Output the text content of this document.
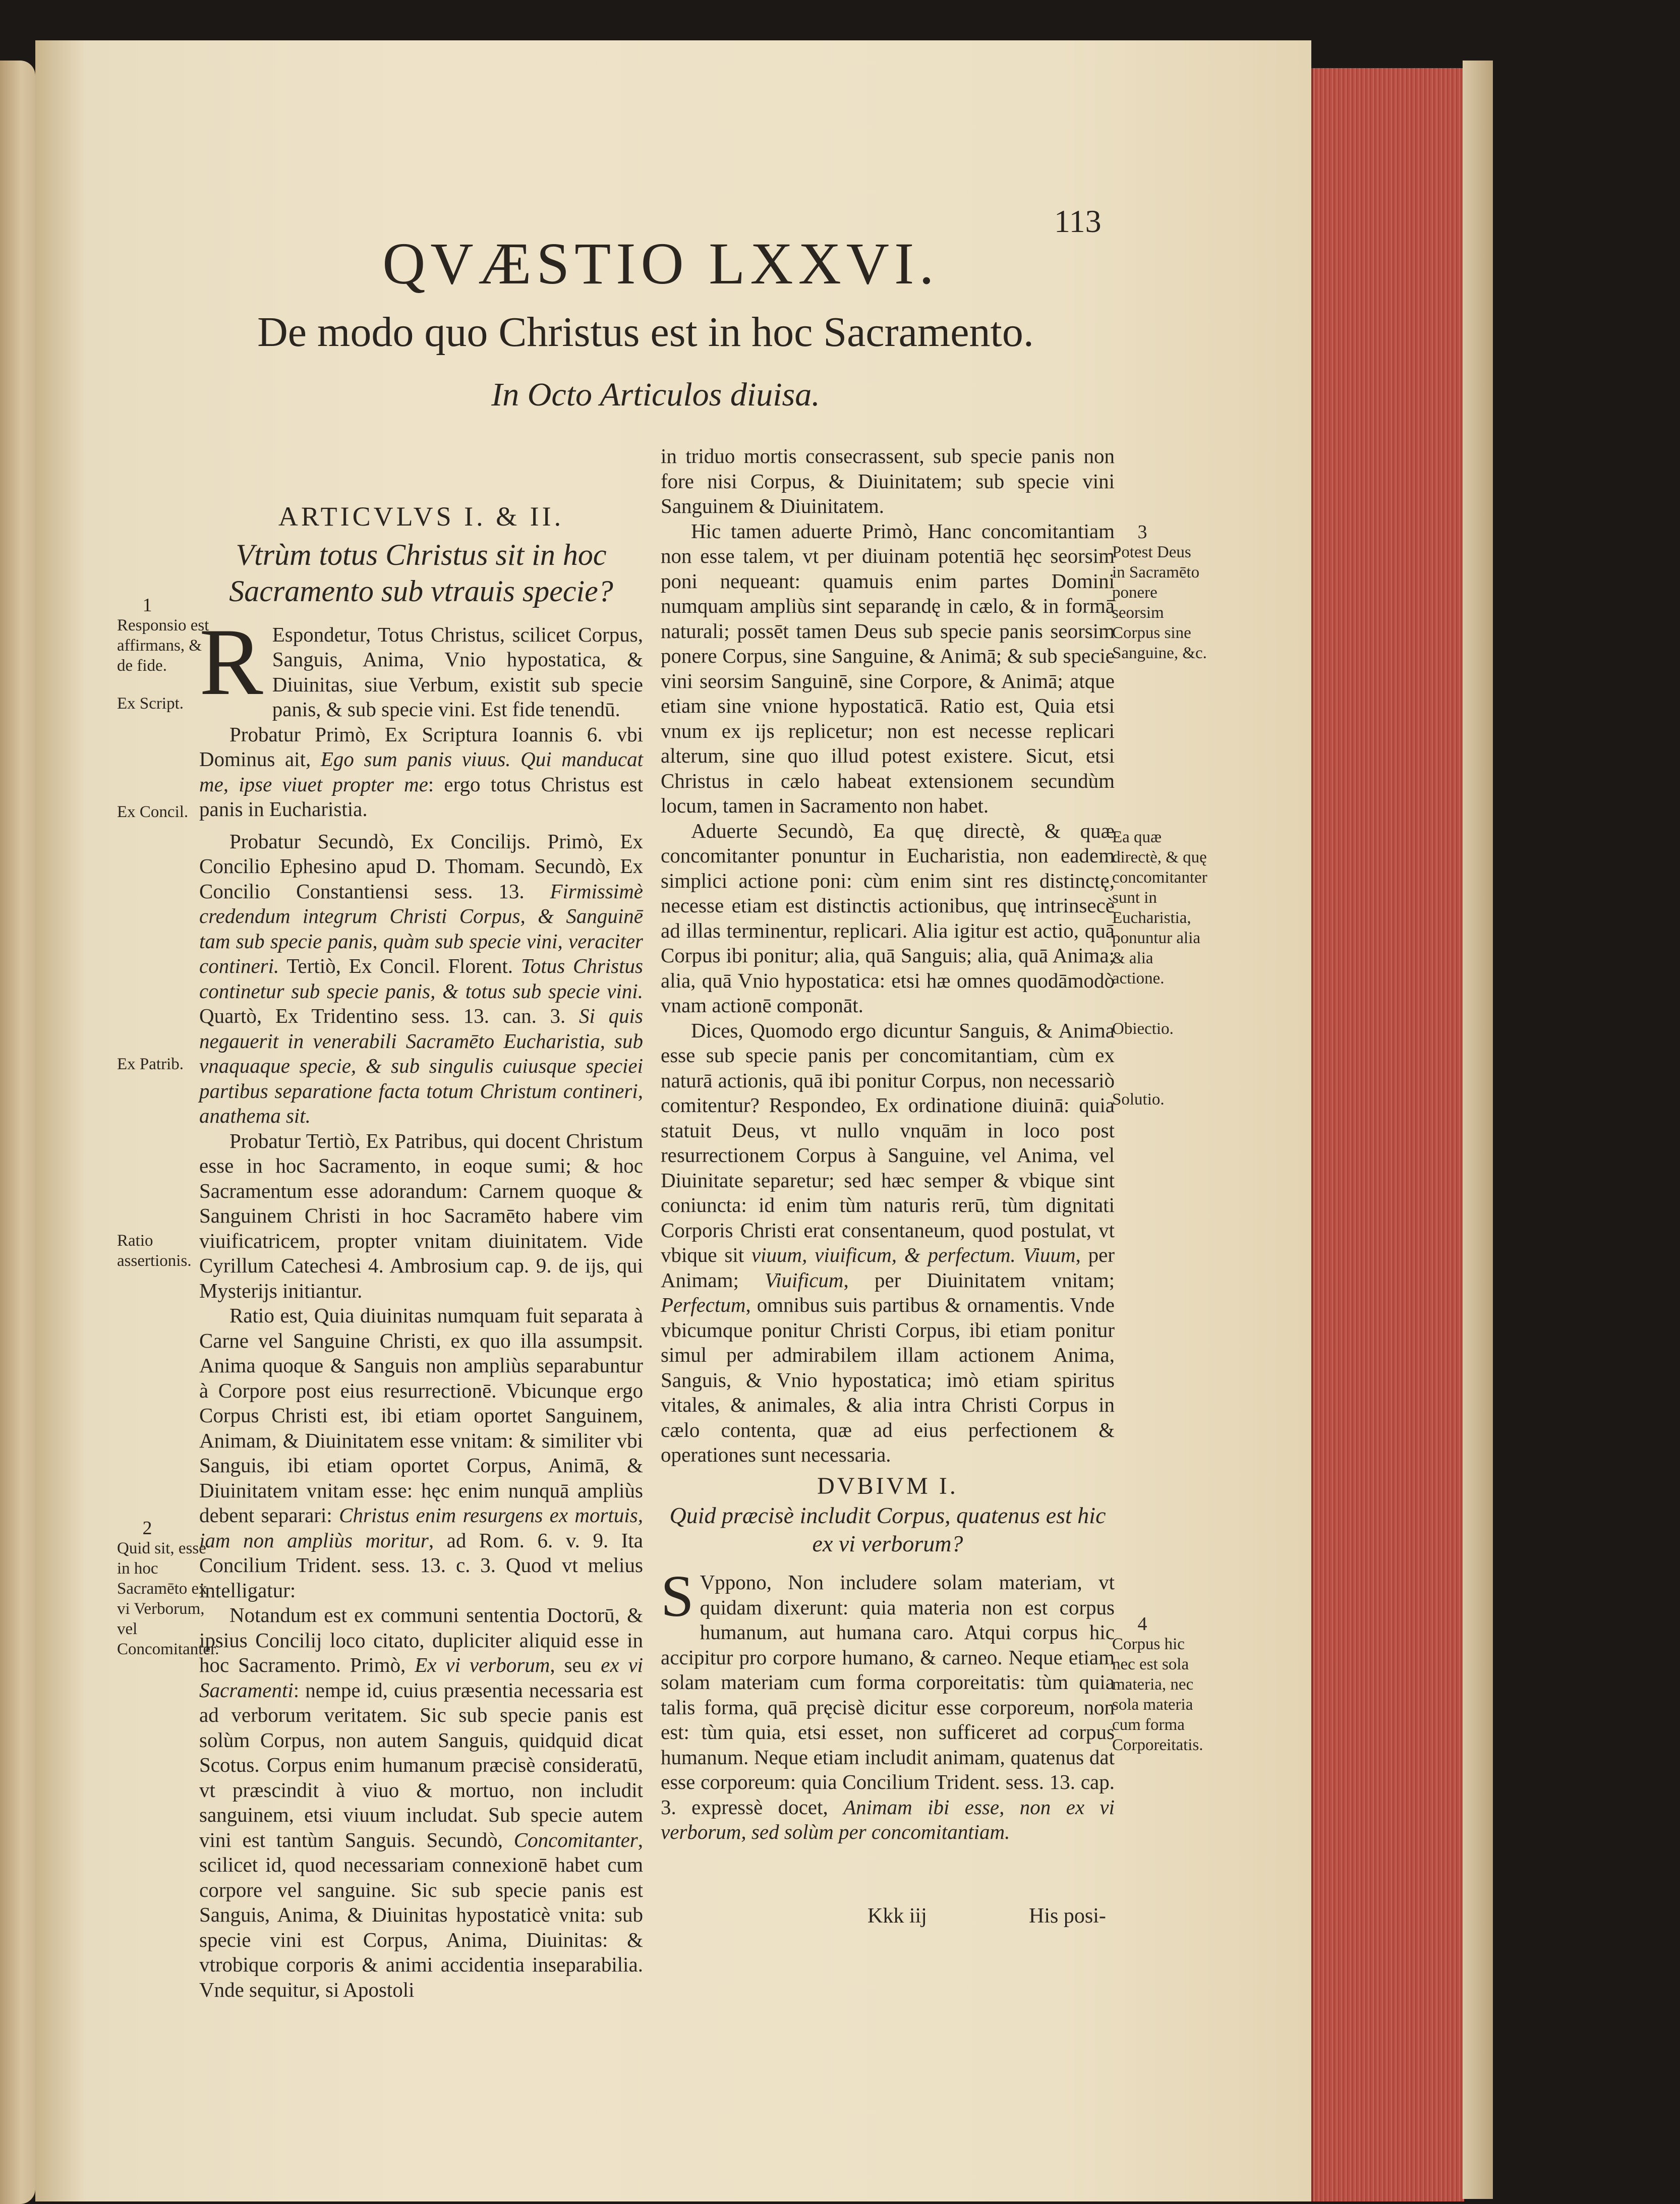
113
QVÆSTIO LXXVI.
De modo quo Christus est in hoc Sacramento.
In Octo Articulos diuisa.

ARTICVLVS I. & II.

Vtrùm totus Christus sit in hoc Sacramento sub vtrauis specie?

R Espondetur, Totus Christus, scilicet Corpus, Sanguis, Anima, Vnio hypostatica, & Diuinitas, siue Verbum, existit sub specie panis, & sub specie vini. Est fide tenendū.

Probatur Primò, Ex Scriptura Ioannis 6. vbi Dominus ait, Ego sum panis viuus. Qui manducat me, ipse viuet propter me: ergo totus Christus est panis in Eucharistia.

Probatur Secundò, Ex Concilijs. Primò, Ex Concilio Ephesino apud D. Thomam. Secundò, Ex Concilio Constantiensi sess. 13. Firmissimè credendum integrum Christi Corpus, & Sanguinē tam sub specie panis, quàm sub specie vini, veraciter contineri. Tertiò, Ex Concil. Florent. Totus Christus continetur sub specie panis, & totus sub specie vini. Quartò, Ex Tridentino sess. 13. can. 3. Si quis negauerit in venerabili Sacramēto Eucharistia, sub vnaquaque specie, & sub singulis cuiusque speciei partibus separatione facta totum Christum contineri, anathema sit.

Probatur Tertiò, Ex Patribus, qui docent Christum esse in hoc Sacramento, in eoque sumi; & hoc Sacramentum esse adorandum: Carnem quoque & Sanguinem Christi in hoc Sacramēto habere vim viuificatricem, propter vnitam diuinitatem. Vide Cyrillum Catechesi 4. Ambrosium cap. 9. de ijs, qui Mysterijs initiantur.

Ratio est, Quia diuinitas numquam fuit separata à Carne vel Sanguine Christi, ex quo illa assumpsit. Anima quoque & Sanguis non ampliùs separabuntur à Corpore post eius resurrectionē. Vbicunque ergo Corpus Christi est, ibi etiam oportet Sanguinem, Animam, & Diuinitatem esse vnitam: & similiter vbi Sanguis, ibi etiam oportet Corpus, Animā, & Diuinitatem vnitam esse: hęc enim nunquā ampliùs debent separari: Christus enim resurgens ex mortuis, iam non ampliùs moritur, ad Rom. 6. v. 9. Ita Concilium Trident. sess. 13. c. 3. Quod vt melius intelligatur:

Notandum est ex communi sententia Doctorū, & ipsius Concilij loco citato, dupliciter aliquid esse in hoc Sacramento. Primò, Ex vi verborum, seu ex vi Sacramenti: nempe id, cuius præsentia necessaria est ad verborum veritatem. Sic sub specie panis est solùm Corpus, non autem Sanguis, quidquid dicat Scotus. Corpus enim humanum præcisè consideratū, vt præscindit à viuo & mortuo, non includit sanguinem, etsi viuum includat. Sub specie autem vini est tantùm Sanguis. Secundò, Concomitanter, scilicet id, quod necessariam connexionē habet cum corpore vel sanguine. Sic sub specie panis est Sanguis, Anima, & Diuinitas hypostaticè vnita: sub specie vini est Corpus, Anima, Diuinitas: & vtrobique corporis & animi accidentia inseparabilia. Vnde sequitur, si Apostoli

in triduo mortis consecrassent, sub specie panis non fore nisi Corpus, & Diuinitatem; sub specie vini Sanguinem & Diuinitatem.

Hic tamen aduerte Primò, Hanc concomitantiam non esse talem, vt per diuinam potentiā hęc seorsim poni nequeant: quamuis enim partes Domini numquam ampliùs sint separandę in cælo, & in formā naturali; possēt tamen Deus sub specie panis seorsim ponere Corpus, sine Sanguine, & Animā; & sub specie vini seorsim Sanguinē, sine Corpore, & Animā; atque etiam sine vnione hypostaticā. Ratio est, Quia etsi vnum ex ijs replicetur; non est necesse replicari alterum, sine quo illud potest existere. Sicut, etsi Christus in cælo habeat extensionem secundùm locum, tamen in Sacramento non habet.

Aduerte Secundò, Ea quę directè, & quæ concomitanter ponuntur in Eucharistia, non eadem simplici actione poni: cùm enim sint res distinctę, necesse etiam est distinctis actionibus, quę intrinsecè ad illas terminentur, replicari. Alia igitur est actio, quā Corpus ibi ponitur; alia, quā Sanguis; alia, quā Anima; alia, quā Vnio hypostatica: etsi hæ omnes quodāmodò vnam actionē componāt.

Dices, Quomodo ergo dicuntur Sanguis, & Anima esse sub specie panis per concomitantiam, cùm ex naturā actionis, quā ibi ponitur Corpus, non necessariò comitentur? Respondeo, Ex ordinatione diuinā: quia statuit Deus, vt nullo vnquām in loco post resurrectionem Corpus à Sanguine, vel Anima, vel Diuinitate separetur; sed hæc semper & vbique sint coniuncta: id enim tùm naturis rerū, tùm dignitati Corporis Christi erat consentaneum, quod postulat, vt vbique sit viuum, viuificum, & perfectum. Viuum, per Animam; Viuificum, per Diuinitatem vnitam; Perfectum, omnibus suis partibus & ornamentis. Vnde vbicumque ponitur Christi Corpus, ibi etiam ponitur simul per admirabilem illam actionem Anima, Sanguis, & Vnio hypostatica; imò etiam spiritus vitales, & animales, & alia intra Christi Corpus in cælo contenta, quæ ad eius perfectionem & operationes sunt necessaria.

DVBIVM I.

Quid præcisè includit Corpus, quatenus est hic ex vi verborum?

S Vppono, Non includere solam materiam, vt quidam dixerunt: quia materia non est corpus humanum, aut humana caro. Atqui corpus hic accipitur pro corpore humano, & carneo. Neque etiam solam materiam cum forma corporeitatis: tùm quia talis forma, quā pręcisè dicitur esse corporeum, non est: tùm quia, etsi esset, non sufficeret ad corpus humanum. Neque etiam includit animam, quatenus dat esse corporeum: quia Concilium Trident. sess. 13. cap. 3. expressè docet, Animam ibi esse, non ex vi verborum, sed solùm per concomitantiam.

1
Responsio est affirmans, & de fide.
Ex Script.
Ex Concil.
Ex Patrib.
Ratio assertionis.
2
Quid sit, esse in hoc Sacramēto ex vi Verborum, vel Concomitanter.
3
Potest Deus in Sacramēto ponere seorsim Corpus sine Sanguine, &c.
Ea quæ directè, & quę concomitanter sunt in Eucharistia, ponuntur alia & alia actione.
Obiectio.
Solutio.
4
Corpus hic nec est sola materia, nec sola materia cum forma Corporeitatis.
Kkk iij	His posi-
